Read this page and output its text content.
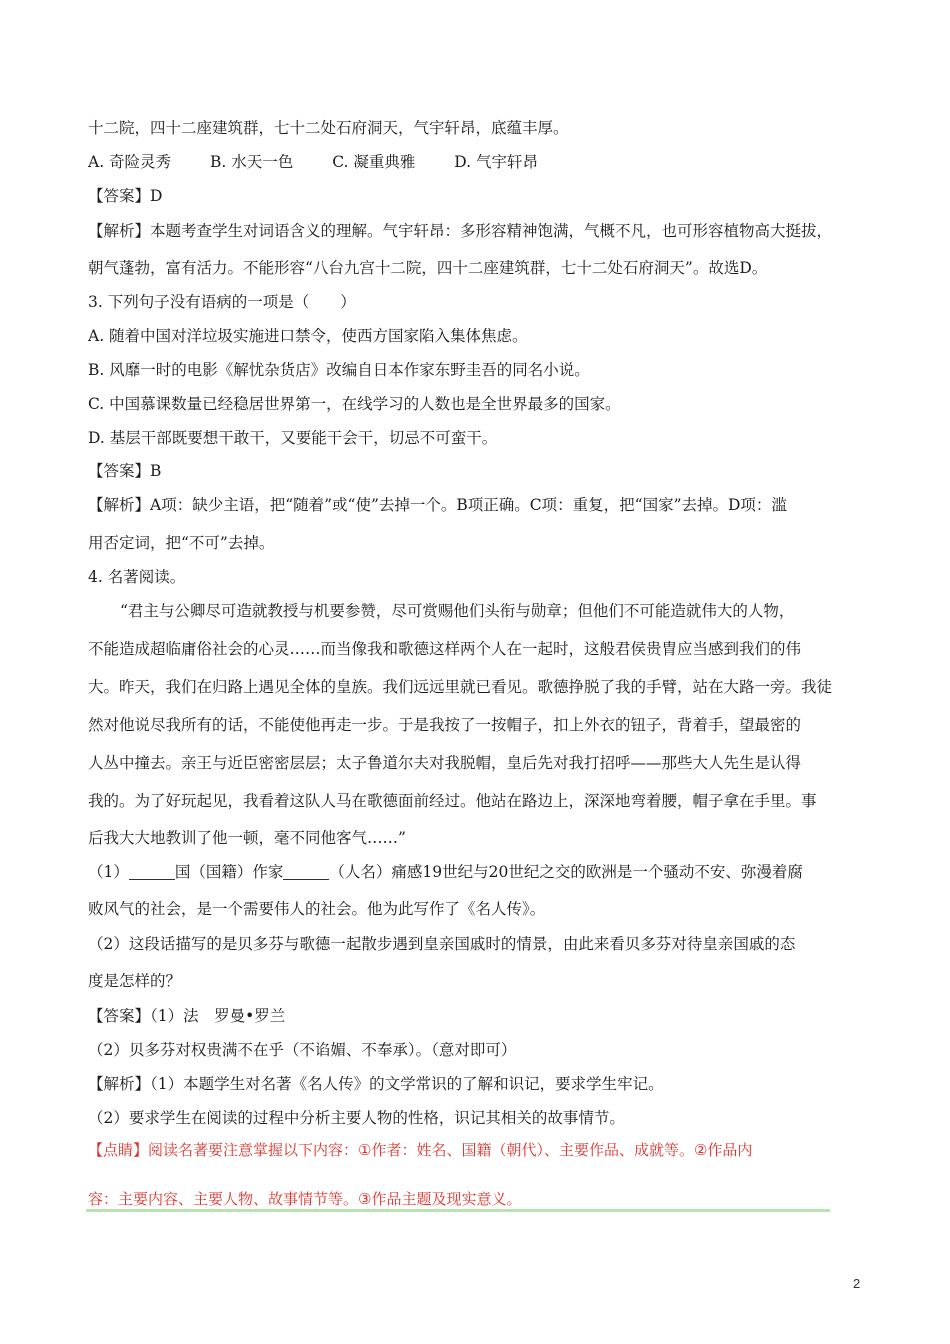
十二院，四十二座建筑群，七十二处石府洞天，气宇轩昂，底蕴丰厚。
A. 奇险灵秀	B. 水天一色	C. 凝重典雅	D. 气宇轩昂
【答案】D
【解析】本题考查学生对词语含义的理解。气宇轩昂：多形容精神饱满，气概不凡，也可形容植物高大挺拔，
朝气蓬勃，富有活力。不能形容“八台九宫十二院，四十二座建筑群，七十二处石府洞天”。故选D。
3. 下列句子没有语病的一项是（　　）
A. 随着中国对洋垃圾实施进口禁令，使西方国家陷入集体焦虑。
B. 风靡一时的电影《解忧杂货店》改编自日本作家东野圭吾的同名小说。
C. 中国慕课数量已经稳居世界第一，在线学习的人数也是全世界最多的国家。
D. 基层干部既要想干敢干，又要能干会干，切忌不可蛮干。
【答案】B
【解析】A项：缺少主语，把“随着”或“使”去掉一个。B项正确。C项：重复，把“国家”去掉。D项：滥
用否定词，把“不可”去掉。
4. 名著阅读。
“君主与公卿尽可造就教授与机要参赞，尽可赏赐他们头衔与勋章；但他们不可能造就伟大的人物，
不能造成超临庸俗社会的心灵……而当像我和歌德这样两个人在一起时，这般君侯贵胄应当感到我们的伟
大。昨天，我们在归路上遇见全体的皇族。我们远远里就已看见。歌德挣脱了我的手臂，站在大路一旁。我徒
然对他说尽我所有的话，不能使他再走一步。于是我按了一按帽子，扣上外衣的钮子，背着手，望最密的
人丛中撞去。亲王与近臣密密层层；太子鲁道尔夫对我脱帽，皇后先对我打招呼——那些大人先生是认得
我的。为了好玩起见，我看着这队人马在歌德面前经过。他站在路边上，深深地弯着腰，帽子拿在手里。事
后我大大地教训了他一顿，毫不同他客气……”
（1）	国（国籍）作家	（人名）痛感19世纪与20世纪之交的欧洲是一个骚动不安、弥漫着腐
败风气的社会，是一个需要伟人的社会。他为此写作了《名人传》。
（2）这段话描写的是贝多芬与歌德一起散步遇到皇亲国戚时的情景，由此来看贝多芬对待皇亲国戚的态
度是怎样的？
【答案】（1）法　罗曼•罗兰
（2）贝多芬对权贵满不在乎（不谄媚、不奉承）。（意对即可）
【解析】（1）本题学生对名著《名人传》的文学常识的了解和识记，要求学生牢记。
（2）要求学生在阅读的过程中分析主要人物的性格，识记其相关的故事情节。
【点睛】阅读名著要注意掌握以下内容：①作者：姓名、国籍（朝代）、主要作品、成就等。②作品内
容：主要内容、主要人物、故事情节等。③作品主题及现实意义。
2
